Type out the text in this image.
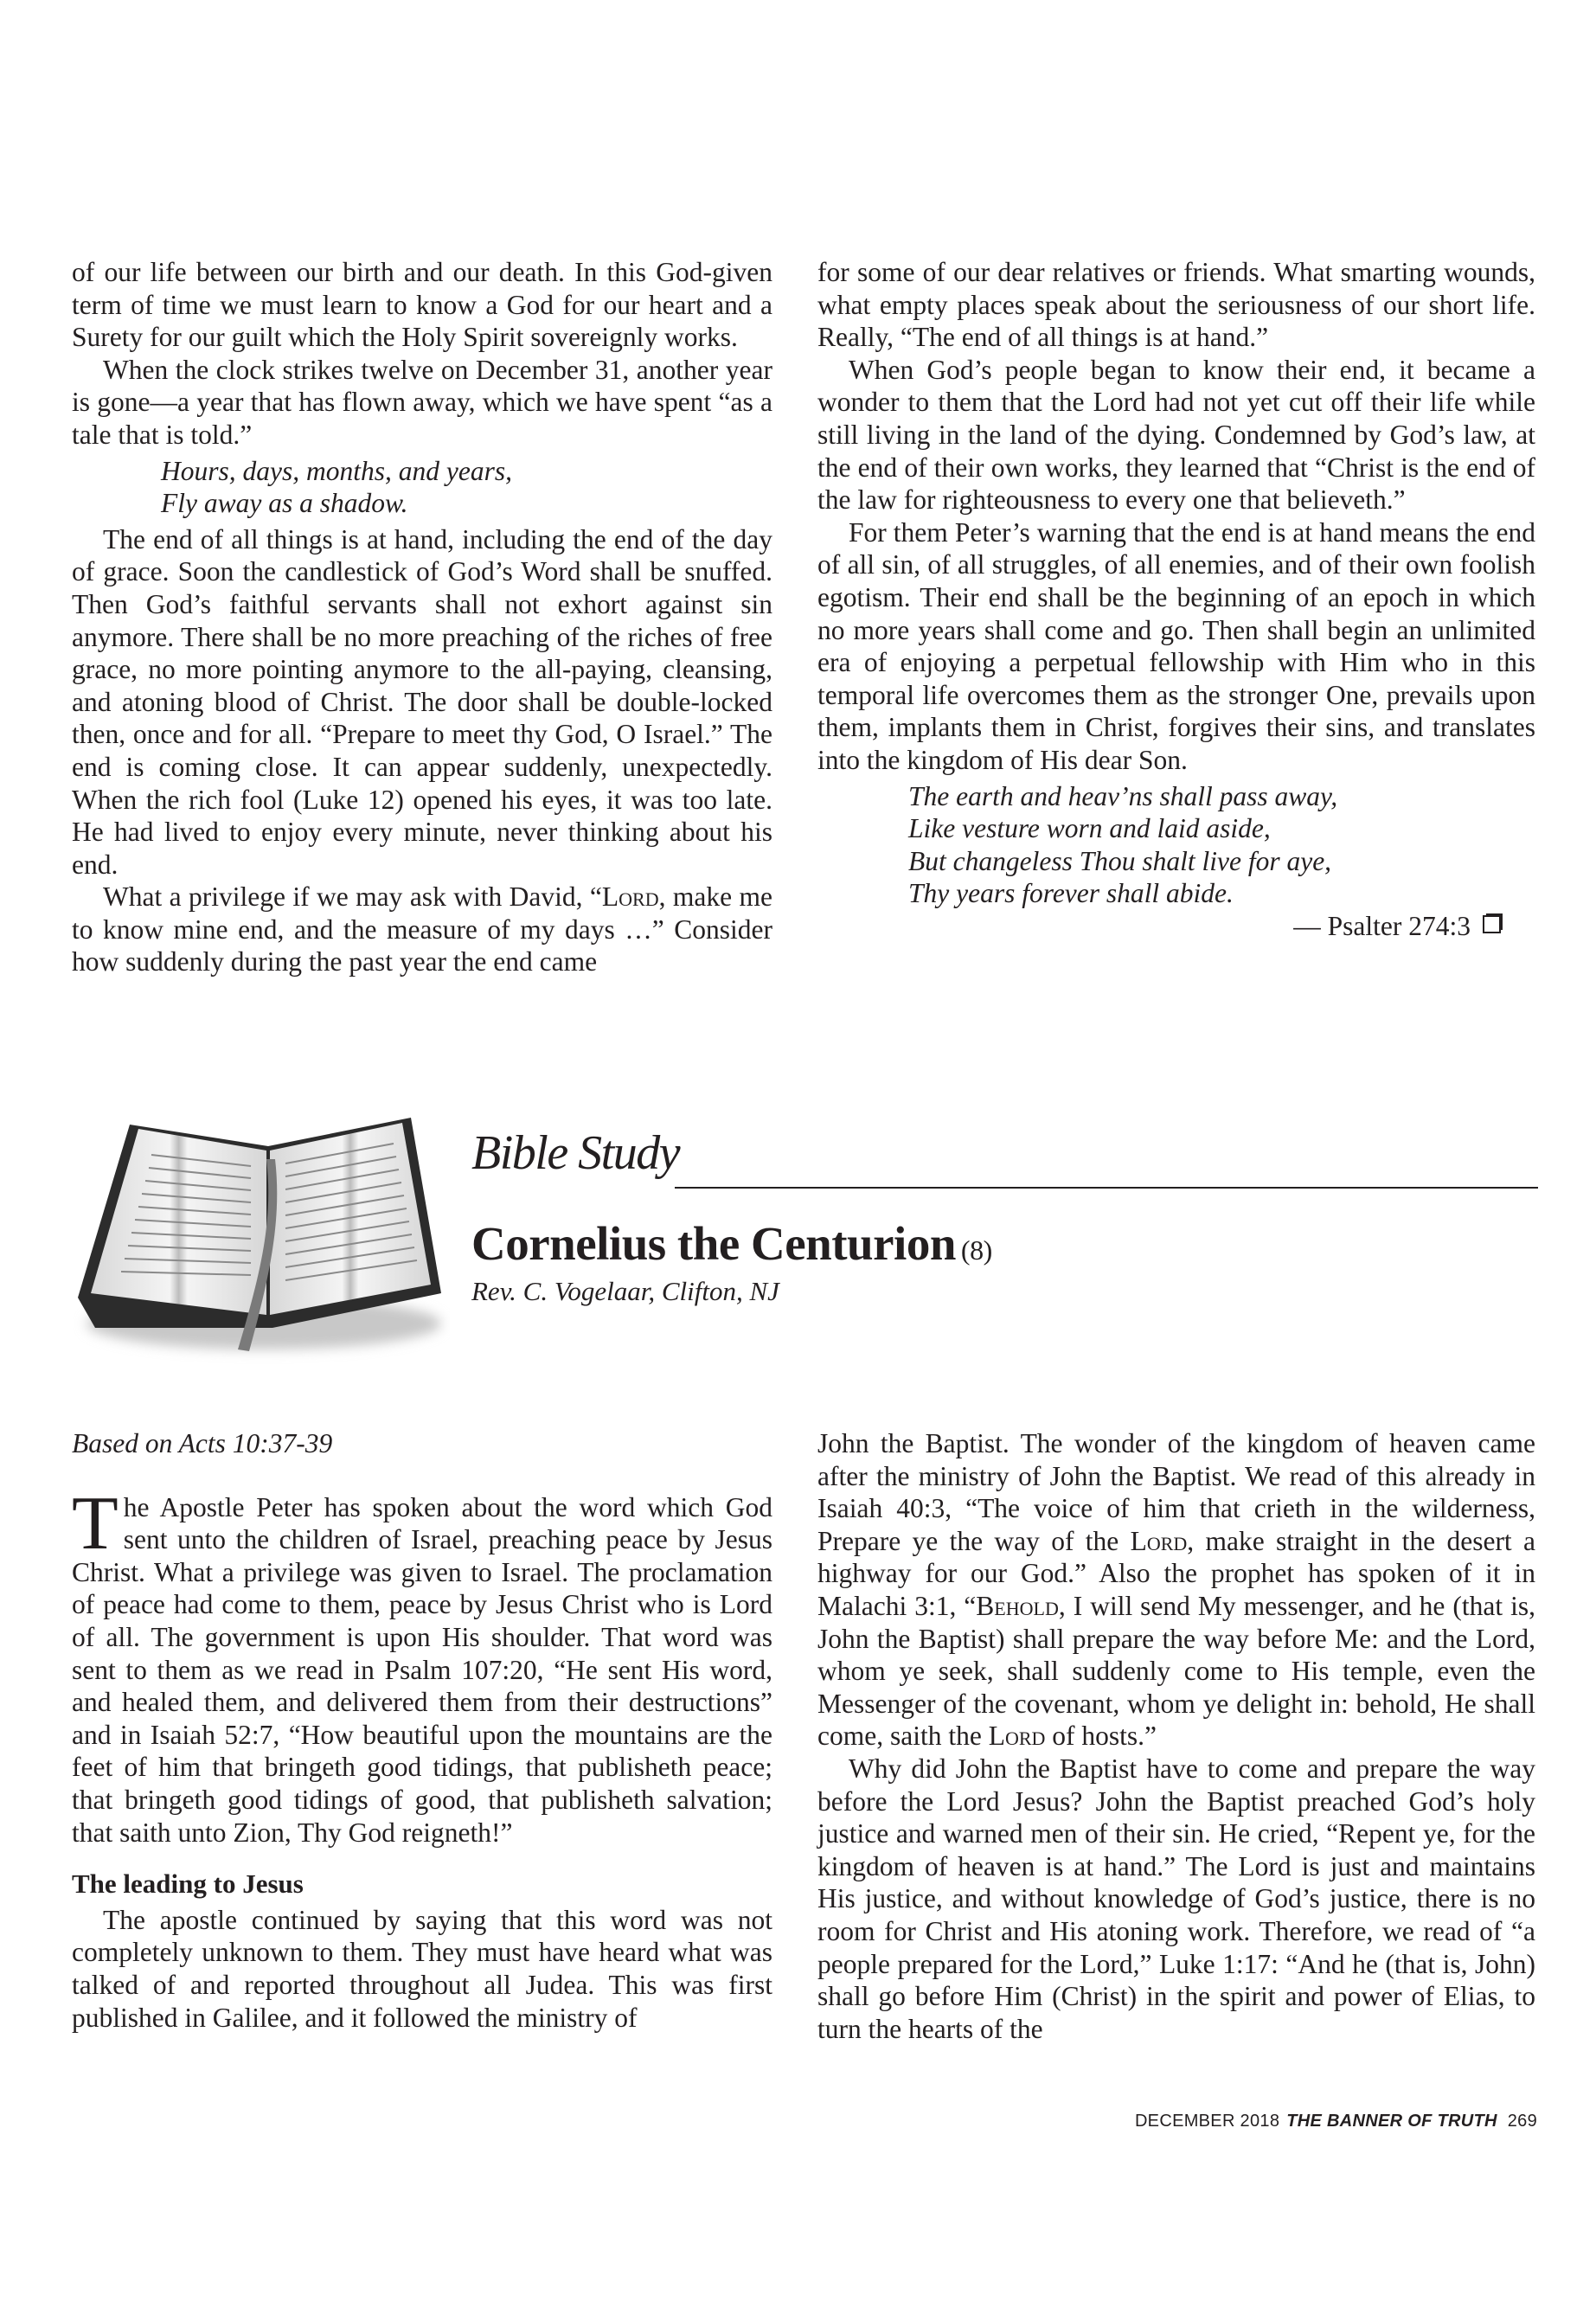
of our life between our birth and our death. In this God-given term of time we must learn to know a God for our heart and a Surety for our guilt which the Holy Spirit sovereignly works.

When the clock strikes twelve on December 31, another year is gone—a year that has flown away, which we have spent “as a tale that is told.”

Hours, days, months, and years,
Fly away as a shadow.

The end of all things is at hand, including the end of the day of grace. Soon the candlestick of God’s Word shall be snuffed. Then God’s faithful servants shall not exhort against sin anymore. There shall be no more preaching of the riches of free grace, no more pointing anymore to the all-paying, cleansing, and atoning blood of Christ. The door shall be double-locked then, once and for all. “Prepare to meet thy God, O Israel.” The end is coming close. It can appear suddenly, unexpectedly. When the rich fool (Luke 12) opened his eyes, it was too late. He had lived to enjoy every minute, never thinking about his end.

What a privilege if we may ask with David, “Lord, make me to know mine end, and the measure of my days …” Consider how suddenly during the past year the end came

for some of our dear relatives or friends. What smarting wounds, what empty places speak about the seriousness of our short life. Really, “The end of all things is at hand.”

When God’s people began to know their end, it became a wonder to them that the Lord had not yet cut off their life while still living in the land of the dying. Condemned by God’s law, at the end of their own works, they learned that “Christ is the end of the law for righteousness to every one that believeth.”

For them Peter’s warning that the end is at hand means the end of all sin, of all struggles, of all enemies, and of their own foolish egotism. Their end shall be the beginning of an epoch in which no more years shall come and go. Then shall begin an unlimited era of enjoying a perpetual fellowship with Him who in this temporal life overcomes them as the stronger One, prevails upon them, implants them in Christ, forgives their sins, and translates into the kingdom of His dear Son.

The earth and heav’ns shall pass away,
Like vesture worn and laid aside,
But changeless Thou shalt live for aye,
Thy years forever shall abide.
— Psalter 274:3
Bible Study
Cornelius the Centurion (8)
Rev. C. Vogelaar, Clifton, NJ

Based on Acts 10:37-39

The Apostle Peter has spoken about the word which God sent unto the children of Israel, preaching peace by Jesus Christ. What a privilege was given to Israel. The proclamation of peace had come to them, peace by Jesus Christ who is Lord of all. The government is upon His shoulder. That word was sent to them as we read in Psalm 107:20, “He sent His word, and healed them, and delivered them from their destructions” and in Isaiah 52:7, “How beautiful upon the mountains are the feet of him that bringeth good tidings, that publisheth peace; that bringeth good tidings of good, that publisheth salvation; that saith unto Zion, Thy God reigneth!”

The leading to Jesus

The apostle continued by saying that this word was not completely unknown to them. They must have heard what was talked of and reported throughout all Judea. This was first published in Galilee, and it followed the ministry of

John the Baptist. The wonder of the kingdom of heaven came after the ministry of John the Baptist. We read of this already in Isaiah 40:3, “The voice of him that crieth in the wilderness, Prepare ye the way of the Lord, make straight in the desert a highway for our God.” Also the prophet has spoken of it in Malachi 3:1, “Behold, I will send My messenger, and he (that is, John the Baptist) shall prepare the way before Me: and the Lord, whom ye seek, shall suddenly come to His temple, even the Messenger of the covenant, whom ye delight in: behold, He shall come, saith the Lord of hosts.”

Why did John the Baptist have to come and prepare the way before the Lord Jesus? John the Baptist preached God’s holy justice and warned men of their sin. He cried, “Repent ye, for the kingdom of heaven is at hand.” The Lord is just and maintains His justice, and without knowledge of God’s justice, there is no room for Christ and His atoning work. Therefore, we read of “a people prepared for the Lord,” Luke 1:17: “And he (that is, John) shall go before Him (Christ) in the spirit and power of Elias, to turn the hearts of the

DECEMBER 2018 THE BANNER OF TRUTH 269
